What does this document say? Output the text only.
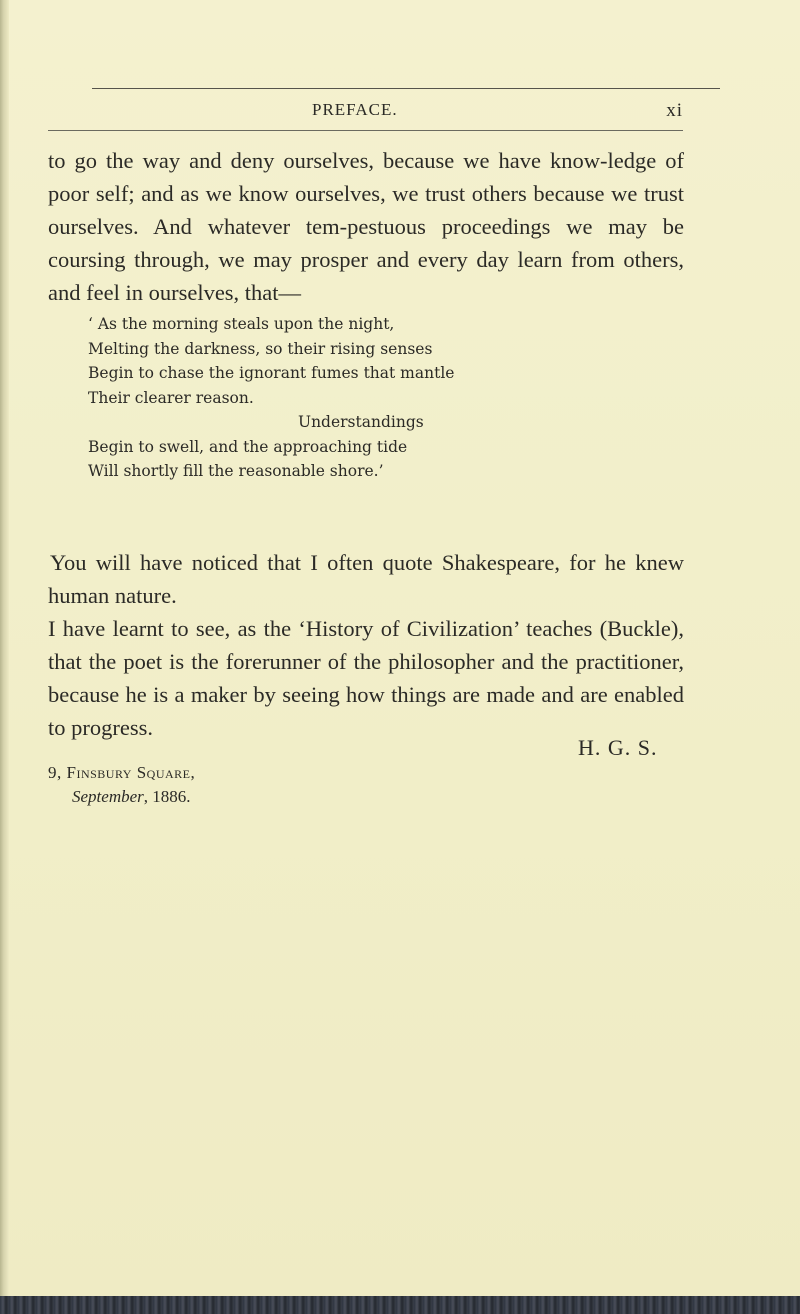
PREFACE.	xi

to go the way and deny ourselves, because we have know-ledge of poor self; and as we know ourselves, we trust others because we trust ourselves. And whatever tem-pestuous proceedings we may be coursing through, we may prosper and every day learn from others, and feel in ourselves, that—

‘ As the morning steals upon the night,
Melting the darkness, so their rising senses
Begin to chase the ignorant fumes that mantle
Their clearer reason.
Understandings
Begin to swell, and the approaching tide
Will shortly fill the reasonable shore.’

You will have noticed that I often quote Shakespeare, for he knew human nature.

I have learnt to see, as the ‘History of Civilization’ teaches (Buckle), that the poet is the forerunner of the philosopher and the practitioner, because he is a maker by seeing how things are made and are enabled to progress.

H. G. S.
9, Finsbury Square,
September, 1886.
